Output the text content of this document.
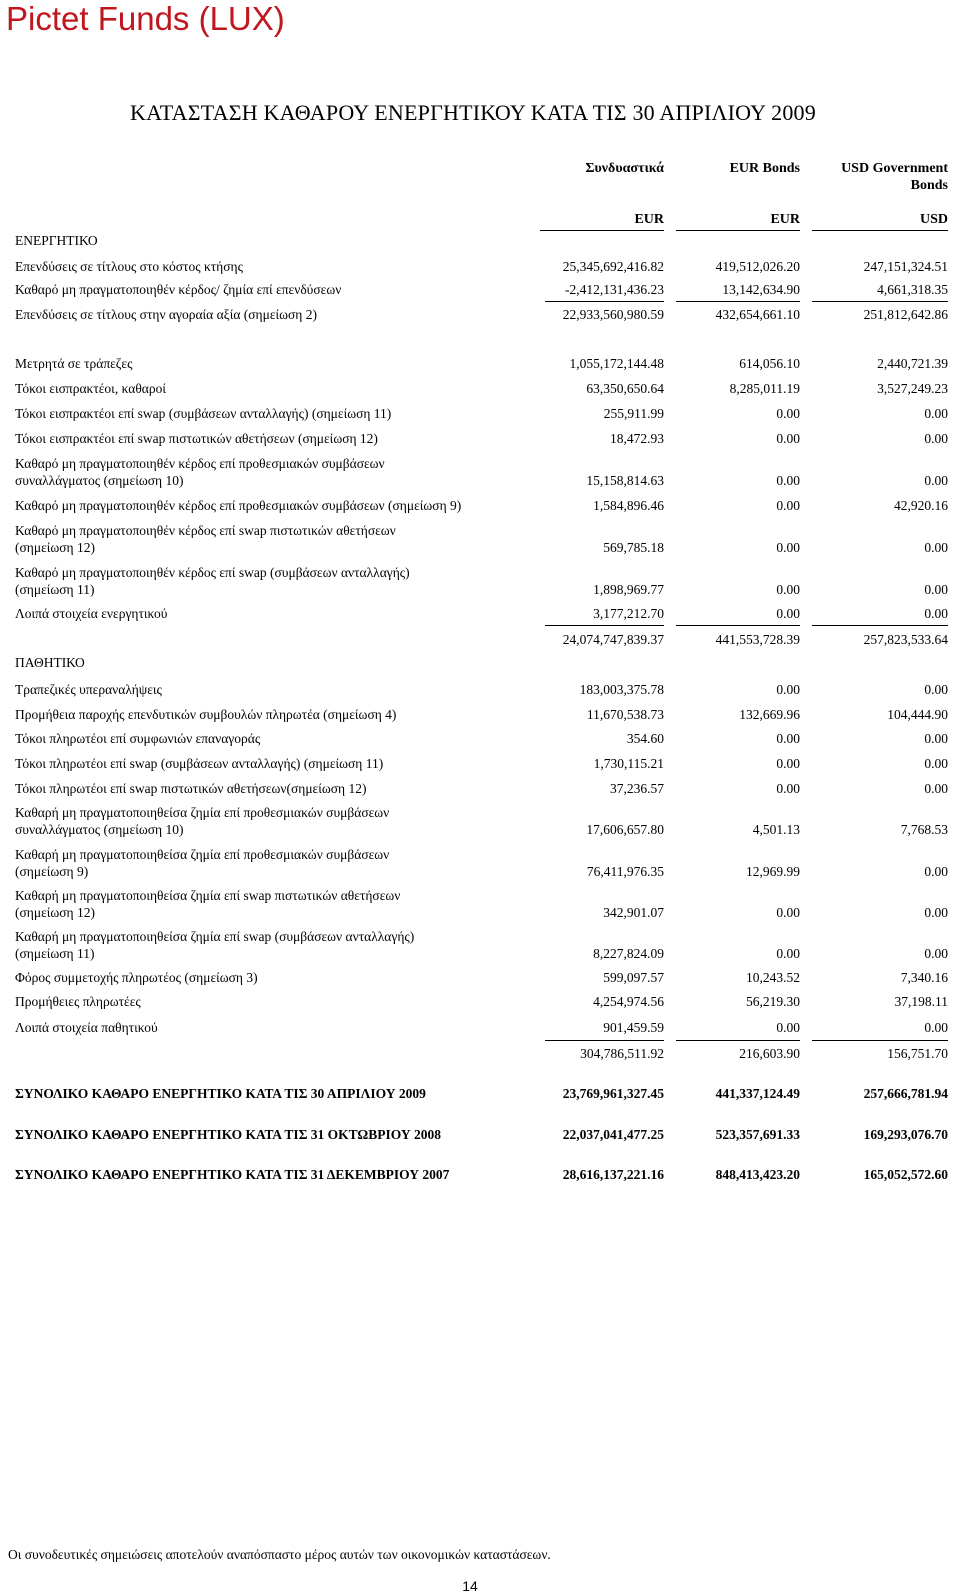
Pictet Funds (LUX)
ΚΑΤΑΣΤΑΣΗ ΚΑΘΑΡΟΥ ΕΝΕΡΓΗΤΙΚΟΥ ΚΑΤΑ ΤΙΣ 30 ΑΠΡΙΛΙΟΥ 2009
Συνδυαστικά	EUR Bonds	USD Government
Bonds
EUR	EUR	USD
ΕΝΕΡΓΗΤΙΚΟ
Επενδύσεις σε τίτλους στο κόστος κτήσης	25,345,692,416.82	419,512,026.20	247,151,324.51
Καθαρό μη πραγματοποιηθέν κέρδος/ ζημία επί επενδύσεων	-2,412,131,436.23	13,142,634.90	4,661,318.35
Επενδύσεις σε τίτλους στην αγοραία αξία (σημείωση 2)	22,933,560,980.59	432,654,661.10	251,812,642.86
Μετρητά σε τράπεζες	1,055,172,144.48	614,056.10	2,440,721.39
Τόκοι εισπρακτέοι, καθαροί	63,350,650.64	8,285,011.19	3,527,249.23
Τόκοι εισπρακτέοι επί swap (συμβάσεων ανταλλαγής) (σημείωση 11)	255,911.99	0.00	0.00
Τόκοι εισπρακτέοι επί swap πιστωτικών αθετήσεων (σημείωση 12)	18,472.93	0.00	0.00
Καθαρό μη πραγματοποιηθέν κέρδος επί προθεσμιακών συμβάσεων
συναλλάγματος (σημείωση 10)	15,158,814.63	0.00	0.00
Καθαρό μη πραγματοποιηθέν κέρδος επί προθεσμιακών συμβάσεων (σημείωση 9)	1,584,896.46	0.00	42,920.16
Καθαρό μη πραγματοποιηθέν κέρδος επί swap πιστωτικών αθετήσεων
(σημείωση 12)	569,785.18	0.00	0.00
Καθαρό μη πραγματοποιηθέν κέρδος επί swap (συμβάσεων ανταλλαγής)
(σημείωση 11)	1,898,969.77	0.00	0.00
Λοιπά στοιχεία ενεργητικού	3,177,212.70	0.00	0.00
24,074,747,839.37	441,553,728.39	257,823,533.64
ΠΑΘΗΤΙΚΟ
Τραπεζικές υπεραναλήψεις	183,003,375.78	0.00	0.00
Προμήθεια παροχής επενδυτικών συμβουλών πληρωτέα (σημείωση 4)	11,670,538.73	132,669.96	104,444.90
Τόκοι πληρωτέοι επί συμφωνιών επαναγοράς	354.60	0.00	0.00
Τόκοι πληρωτέοι επί swap (συμβάσεων ανταλλαγής) (σημείωση 11)	1,730,115.21	0.00	0.00
Τόκοι πληρωτέοι επί swap πιστωτικών αθετήσεων(σημείωση 12)	37,236.57	0.00	0.00
Καθαρή μη πραγματοποιηθείσα ζημία επί προθεσμιακών συμβάσεων
συναλλάγματος (σημείωση 10)	17,606,657.80	4,501.13	7,768.53
Καθαρή μη πραγματοποιηθείσα ζημία επί προθεσμιακών συμβάσεων
(σημείωση 9)	76,411,976.35	12,969.99	0.00
Καθαρή μη πραγματοποιηθείσα ζημία επί swap πιστωτικών αθετήσεων
(σημείωση 12)	342,901.07	0.00	0.00
Καθαρή μη πραγματοποιηθείσα ζημία επί swap (συμβάσεων ανταλλαγής)
(σημείωση 11)	8,227,824.09	0.00	0.00
Φόρος συμμετοχής πληρωτέος (σημείωση 3)	599,097.57	10,243.52	7,340.16
Προμήθειες πληρωτέες	4,254,974.56	56,219.30	37,198.11
Λοιπά στοιχεία παθητικού	901,459.59	0.00	0.00
304,786,511.92	216,603.90	156,751.70
ΣΥΝΟΛΙΚΟ ΚΑΘΑΡΟ ΕΝΕΡΓΗΤΙΚΟ ΚΑΤΑ ΤΙΣ 30 ΑΠΡΙΛΙΟΥ 2009	23,769,961,327.45	441,337,124.49	257,666,781.94
ΣΥΝΟΛΙΚΟ ΚΑΘΑΡΟ ΕΝΕΡΓΗΤΙΚΟ ΚΑΤΑ ΤΙΣ 31 ΟΚΤΩΒΡΙΟΥ 2008	22,037,041,477.25	523,357,691.33	169,293,076.70
ΣΥΝΟΛΙΚΟ ΚΑΘΑΡΟ ΕΝΕΡΓΗΤΙΚΟ ΚΑΤΑ ΤΙΣ 31 ΔΕΚΕΜΒΡΙΟΥ 2007	28,616,137,221.16	848,413,423.20	165,052,572.60
Οι συνοδευτικές σημειώσεις αποτελούν αναπόσπαστο μέρος αυτών των οικονομικών καταστάσεων.
14
